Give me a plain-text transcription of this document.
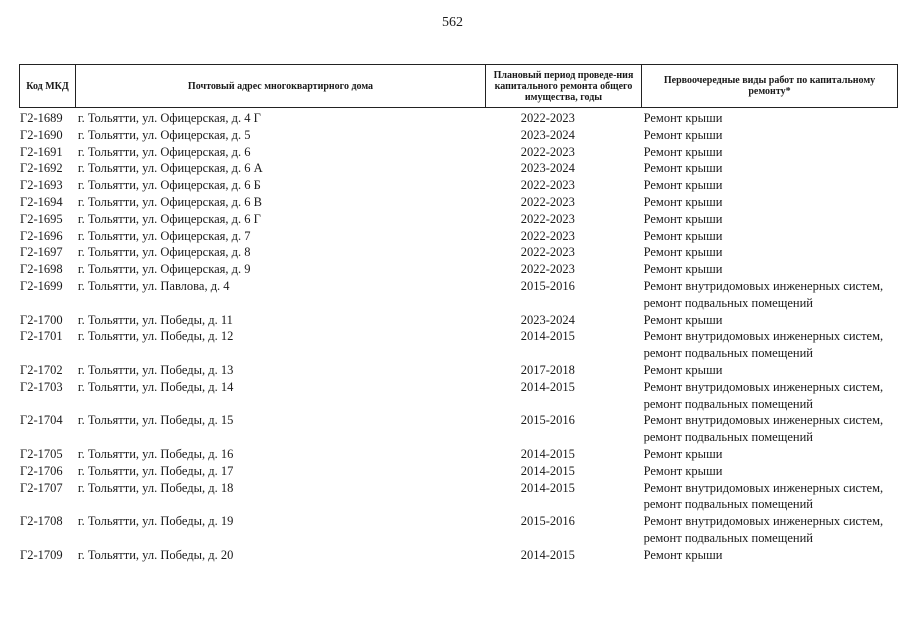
562
Код МКД	Почтовый адрес многоквартирного дома	Плановый период проведе-ния капитального ремонта общего имущества, годы	Первоочередные виды работ по капитальному ремонту*
Г2-1689	г. Тольятти, ул. Офицерская, д. 4 Г	2022-2023	Ремонт крыши
Г2-1690	г. Тольятти, ул. Офицерская, д. 5	2023-2024	Ремонт крыши
Г2-1691	г. Тольятти, ул. Офицерская, д. 6	2022-2023	Ремонт крыши
Г2-1692	г. Тольятти, ул. Офицерская, д. 6 А	2023-2024	Ремонт крыши
Г2-1693	г. Тольятти, ул. Офицерская, д. 6 Б	2022-2023	Ремонт крыши
Г2-1694	г. Тольятти, ул. Офицерская, д. 6 В	2022-2023	Ремонт крыши
Г2-1695	г. Тольятти, ул. Офицерская, д. 6 Г	2022-2023	Ремонт крыши
Г2-1696	г. Тольятти, ул. Офицерская, д. 7	2022-2023	Ремонт крыши
Г2-1697	г. Тольятти, ул. Офицерская, д. 8	2022-2023	Ремонт крыши
Г2-1698	г. Тольятти, ул. Офицерская, д. 9	2022-2023	Ремонт крыши
Г2-1699	г. Тольятти, ул. Павлова, д. 4	2015-2016	Ремонт внутридомовых инженерных систем,
ремонт подвальных помещений
Г2-1700	г. Тольятти, ул. Победы, д. 11	2023-2024	Ремонт крыши
Г2-1701	г. Тольятти, ул. Победы, д. 12	2014-2015	Ремонт внутридомовых инженерных систем,
ремонт подвальных помещений
Г2-1702	г. Тольятти, ул. Победы, д. 13	2017-2018	Ремонт крыши
Г2-1703	г. Тольятти, ул. Победы, д. 14	2014-2015	Ремонт внутридомовых инженерных систем,
ремонт подвальных помещений
Г2-1704	г. Тольятти, ул. Победы, д. 15	2015-2016	Ремонт внутридомовых инженерных систем,
ремонт подвальных помещений
Г2-1705	г. Тольятти, ул. Победы, д. 16	2014-2015	Ремонт крыши
Г2-1706	г. Тольятти, ул. Победы, д. 17	2014-2015	Ремонт крыши
Г2-1707	г. Тольятти, ул. Победы, д. 18	2014-2015	Ремонт внутридомовых инженерных систем,
ремонт подвальных помещений
Г2-1708	г. Тольятти, ул. Победы, д. 19	2015-2016	Ремонт внутридомовых инженерных систем,
ремонт подвальных помещений
Г2-1709	г. Тольятти, ул. Победы, д. 20	2014-2015	Ремонт крыши
